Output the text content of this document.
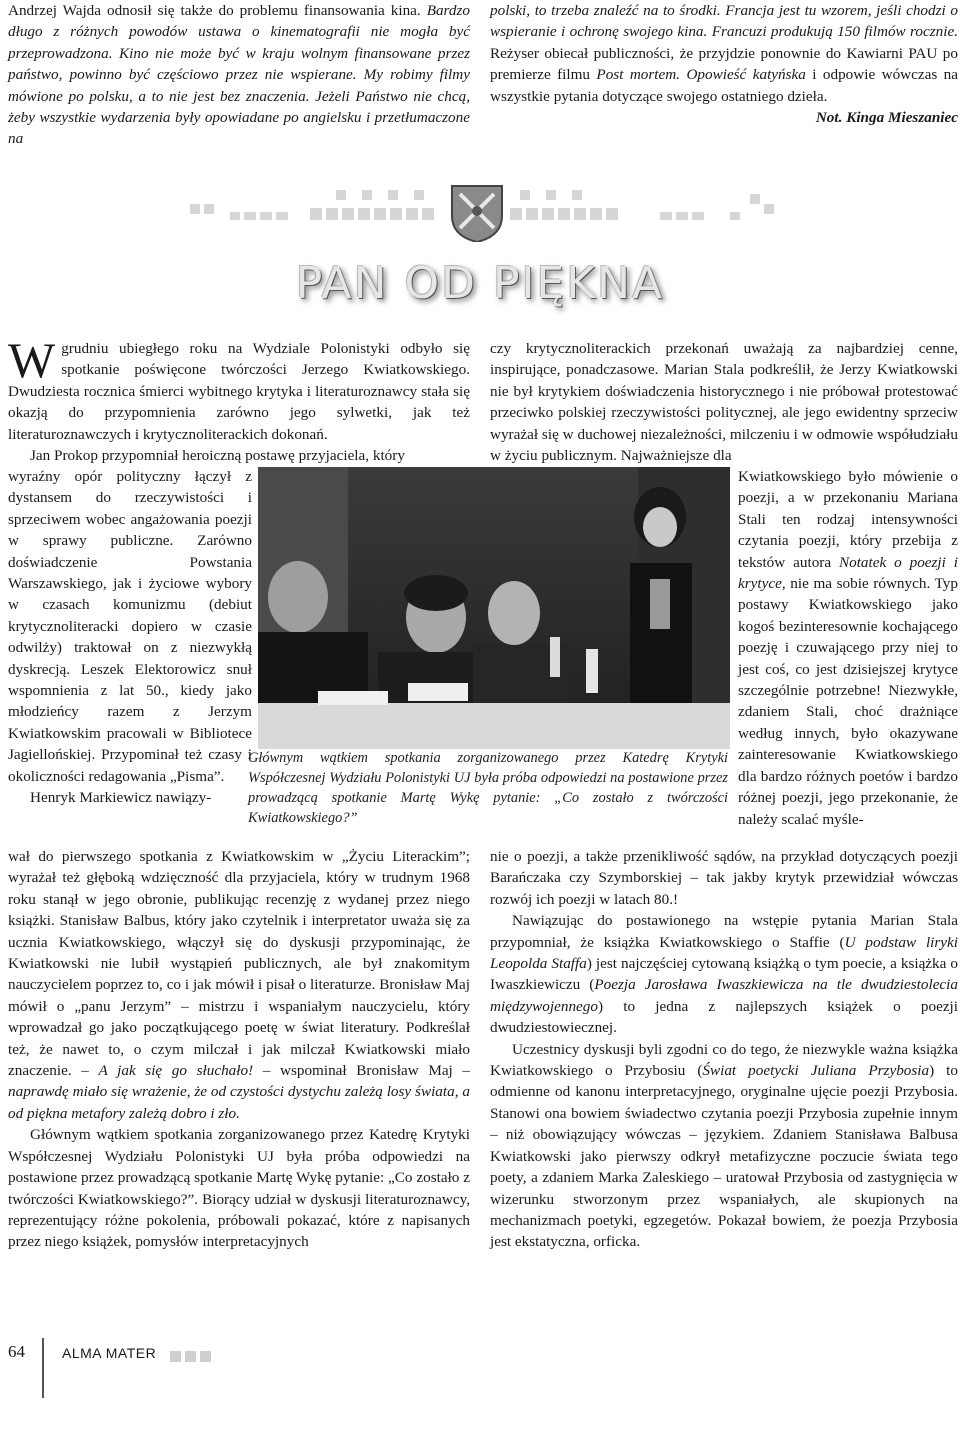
Andrzej Wajda odnosił się także do problemu finansowania kina. Bardzo długo z różnych powodów ustawa o kinematografii nie mogła być przeprowadzona. Kino nie może być w kraju wolnym finansowane przez państwo, powinno być częściowo przez nie wspierane. My robimy filmy mówione po polsku, a to nie jest bez znaczenia. Jeżeli Państwo nie chcą, żeby wszystkie wydarzenia były opowiadane po angielsku i przetłumaczone na

polski, to trzeba znaleźć na to środki. Francja jest tu wzorem, jeśli chodzi o wspieranie i ochronę swojego kina. Francuzi produkują 150 filmów rocznie. Reżyser obiecał publiczności, że przyjdzie ponownie do Kawiarni PAU po premierze filmu Post mortem. Opowieść katyńska i odpowie wówczas na wszystkie pytania dotyczące swojego ostatniego dzieła.

Not. Kinga Mieszaniec

PAN OD PIĘKNA

W grudniu ubiegłego roku na Wydziale Polonistyki odbyło się spotkanie poświęcone twórczości Jerzego Kwiatkowskiego. Dwudziesta rocznica śmierci wybitnego krytyka i literaturoznawcy stała się okazją do przypomnienia zarówno jego sylwetki, jak też literaturoznawczych i krytycznoliterackich dokonań.

Jan Prokop przypomniał heroiczną postawę przyjaciela, który

wyraźny opór polityczny łączył z dystansem do rzeczywistości i sprzeciwem wobec angażowania poezji w sprawy publiczne. Zarówno doświadczenie Powstania Warszawskiego, jak i życiowe wybory w czasach komunizmu (debiut krytycznoliteracki dopiero w czasie odwilży) traktował on z niezwykłą dyskrecją. Leszek Elektorowicz snuł wspomnienia z lat 50., kiedy jako młodzieńcy razem z Jerzym Kwiatkowskim pracowali w Bibliotece Jagiellońskiej. Przypominał też czasy i okoliczności redagowania „Pisma”.

Henryk Markiewicz nawiązy-

wał do pierwszego spotkania z Kwiatkowskim w „Życiu Literackim”; wyrażał też głęboką wdzięczność dla przyjaciela, który w trudnym 1968 roku stanął w jego obronie, publikując recenzję z wydanej przez niego książki. Stanisław Balbus, który jako czytelnik i interpretator uważa się za ucznia Kwiatkowskiego, włączył się do dyskusji przypominając, że Kwiatkowski nie lubił wystąpień publicznych, ale był znakomitym nauczycielem poprzez to, co i jak mówił i pisał o literaturze. Bronisław Maj mówił o „panu Jerzym” – mistrzu i wspaniałym nauczycielu, który wprowadzał go jako początkującego poetę w świat literatury. Podkreślał też, że nawet to, o czym milczał i jak milczał Kwiatkowski miało znaczenie. – A jak się go słuchało! – wspominał Bronisław Maj – naprawdę miało się wrażenie, że od czystości dystychu zależą losy świata, a od piękna metafory zależą dobro i zło.

Głównym wątkiem spotkania zorganizowanego przez Katedrę Krytyki Współczesnej Wydziału Polonistyki UJ była próba odpowiedzi na postawione przez prowadzącą spotkanie Martę Wykę pytanie: „Co zostało z twórczości Kwiatkowskiego?”. Biorący udział w dyskusji literaturoznawcy, reprezentujący różne pokolenia, próbowali pokazać, które z napisanych przez niego książek, pomysłów interpretacyjnych

Głównym wątkiem spotkania zorganizowanego przez Katedrę Krytyki Współczesnej Wydziału Polonistyki UJ była próba odpowiedzi na postawione przez prowadzącą spotkanie Martę Wykę pytanie: „Co zostało z twórczości Kwiatkowskiego?”

czy krytycznoliterackich przekonań uważają za najbardziej cenne, inspirujące, ponadczasowe. Marian Stala podkreślił, że Jerzy Kwiatkowski nie był krytykiem doświadczenia historycznego i nie próbował protestować przeciwko polskiej rzeczywistości politycznej, ale jego ewidentny sprzeciw wyrażał się w duchowej niezależności, milczeniu i w odmowie współudziału w życiu publicznym. Najważniejsze dla

Kwiatkowskiego było mówienie o poezji, a w przekonaniu Mariana Stali ten rodzaj intensywności czytania poezji, który przebija z tekstów autora Notatek o poezji i krytyce, nie ma sobie równych. Typ postawy Kwiatkowskiego jako kogoś bezinteresownie kochającego poezję i czuwającego przy niej to jest coś, co jest dzisiejszej krytyce szczególnie potrzebne! Niezwykłe, zdaniem Stali, choć drażniące według innych, było okazywane zainteresowanie Kwiatkowskiego dla bardzo różnych poetów i bardzo różnej poezji, jego przekonanie, że należy scalać myśle-

nie o poezji, a także przenikliwość sądów, na przykład dotyczących poezji Barańczaka czy Szymborskiej – tak jakby krytyk przewidział wówczas rozwój ich poezji w latach 80.!

Nawiązując do postawionego na wstępie pytania Marian Stala przypomniał, że książka Kwiatkowskiego o Staffie (U podstaw liryki Leopolda Staffa) jest najczęściej cytowaną książką o tym poecie, a książka o Iwaszkiewiczu (Poezja Jarosława Iwaszkiewicza na tle dwudziestolecia międzywojennego) to jedna z najlepszych książek o poezji dwudziestowiecznej.

Uczestnicy dyskusji byli zgodni co do tego, że niezwykle ważna książka Kwiatkowskiego o Przybosiu (Świat poetycki Juliana Przybosia) to odmienne od kanonu interpretacyjnego, oryginalne ujęcie poezji Przybosia. Stanowi ona bowiem świadectwo czytania poezji Przybosia zupełnie innym – niż obowiązujący wówczas – językiem. Zdaniem Stanisława Balbusa Kwiatkowski jako pierwszy odkrył metafizyczne poczucie świata tego poety, a zdaniem Marka Zaleskiego – uratował Przybosia od zastygnięcia w wizerunku stworzonym przez wspaniałych, ale skupionych na mechanizmach poetyki, egzegetów. Pokazał bowiem, że poezja Przybosia jest ekstatyczna, orficka.

64	ALMA MATER
